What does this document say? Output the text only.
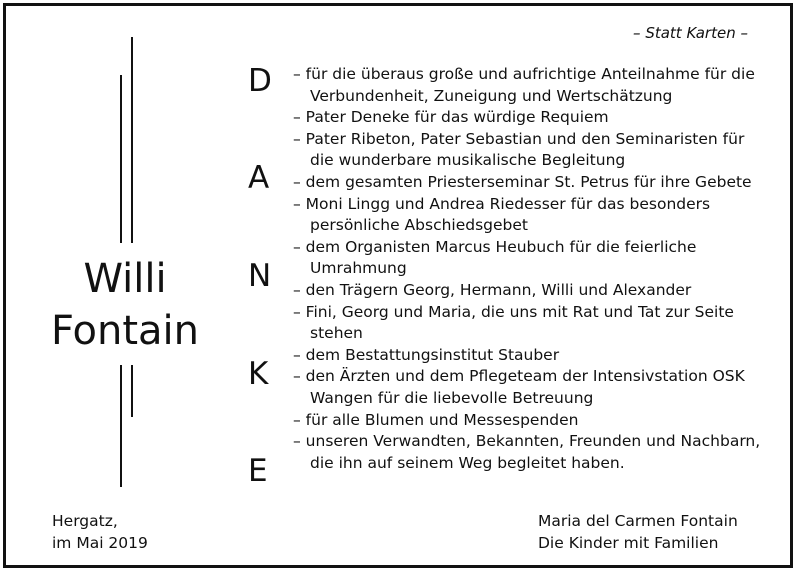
Willi
Fontain
– Statt Karten –
D
A
N
K
E
– für die überaus große und aufrichtige Anteilnahme für die Verbundenheit, Zuneigung und Wertschätzung
– Pater Deneke für das würdige Requiem
– Pater Ribeton, Pater Sebastian und den Seminaristen für die wunderbare musikalische Begleitung
– dem gesamten Priesterseminar St. Petrus für ihre Gebete
– Moni Lingg und Andrea Riedesser für das besonders persönliche Abschiedsgebet
– dem Organisten Marcus Heubuch für die feierliche Umrahmung
– den Trägern Georg, Hermann, Willi und Alexander
– Fini, Georg und Maria, die uns mit Rat und Tat zur Seite stehen
– dem Bestattungsinstitut Stauber
– den Ärzten und dem Pflegeteam der Intensivstation OSK Wangen für die liebevolle Betreuung
– für alle Blumen und Messespenden
– unseren Verwandten, Bekannten, Freunden und Nachbarn, die ihn auf seinem Weg begleitet haben.
Hergatz,
im Mai 2019
Maria del Carmen Fontain
Die Kinder mit Familien
